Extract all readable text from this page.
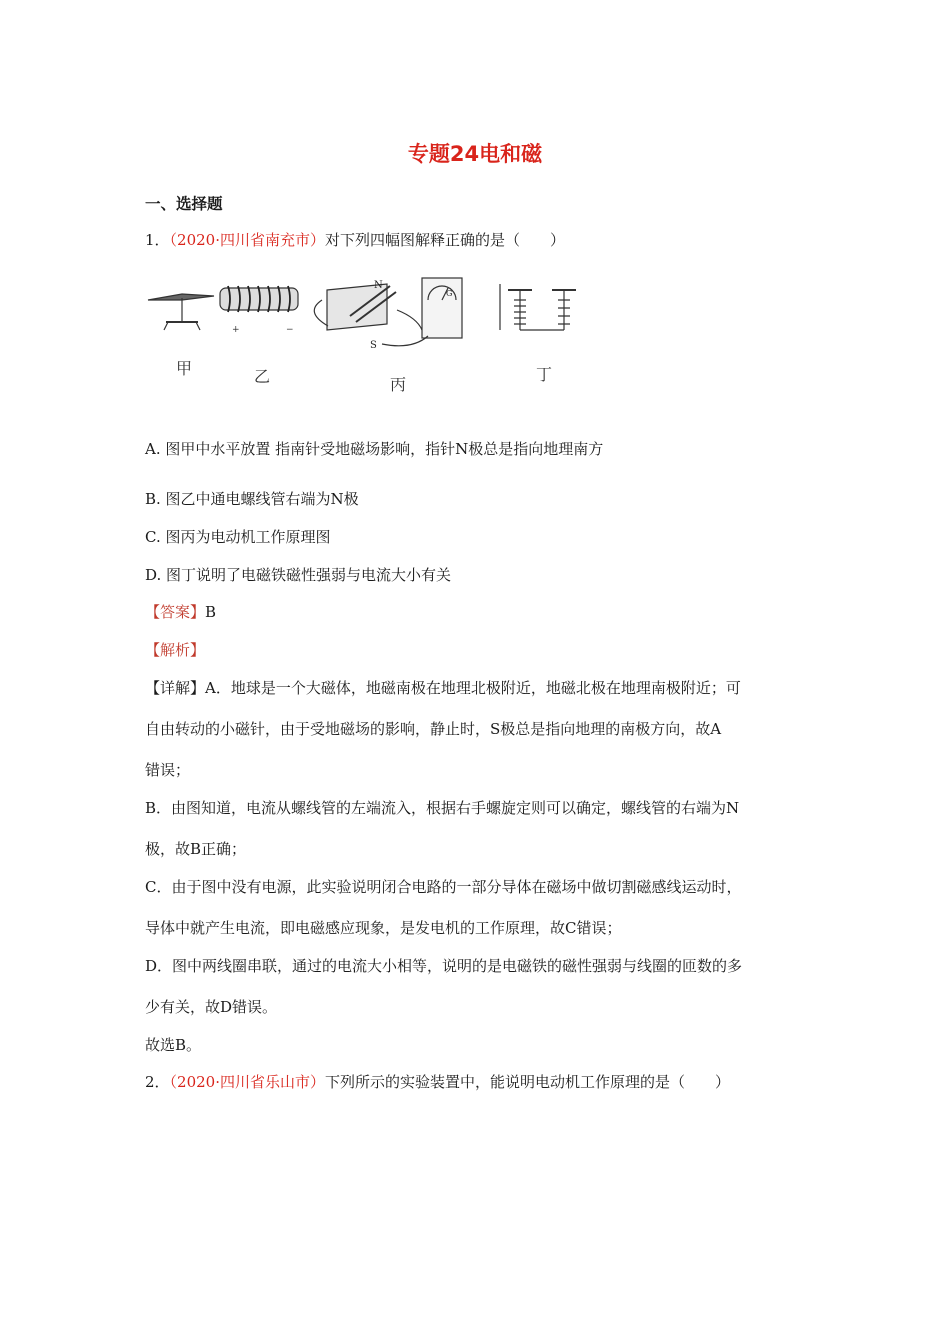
专题24电和磁
一、选择题
1．（2020·四川省南充市）对下列四幅图解释正确的是（　　）
+	−
N
S
G
甲	乙	丙
丁
A. 图甲中水平放置 指南针受地磁场影响，指针N极总是指向地理南方
B. 图乙中通电螺线管右端为N极
C. 图丙为电动机工作原理图
D. 图丁说明了电磁铁磁性强弱与电流大小有关
【答案】B
【解析】
【详解】A．地球是一个大磁体，地磁南极在地理北极附近，地磁北极在地理南极附近；可
自由转动的小磁针，由于受地磁场的影响，静止时，S极总是指向地理的南极方向，故A
错误；
B．由图知道，电流从螺线管的左端流入，根据右手螺旋定则可以确定，螺线管的右端为N
极，故B正确；
C．由于图中没有电源，此实验说明闭合电路的一部分导体在磁场中做切割磁感线运动时，
导体中就产生电流，即电磁感应现象，是发电机的工作原理，故C错误；
D．图中两线圈串联，通过的电流大小相等，说明的是电磁铁的磁性强弱与线圈的匝数的多
少有关，故D错误。
故选B。
2．（2020·四川省乐山市）下列所示的实验装置中，能说明电动机工作原理的是（　　）
